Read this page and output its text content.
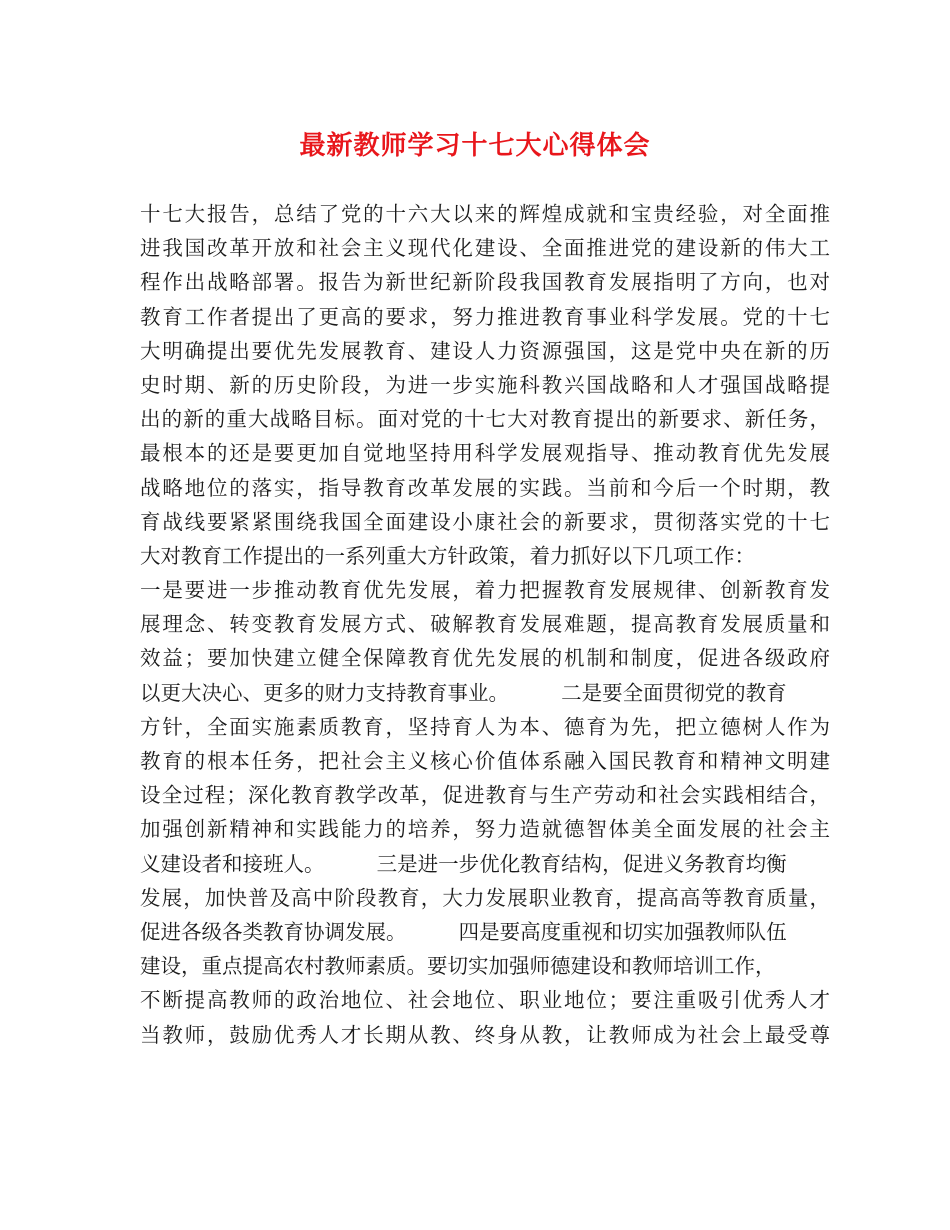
最新教师学习十七大心得体会
十七大报告，总结了党的十六大以来的辉煌成就和宝贵经验，对全面推
进我国改革开放和社会主义现代化建设、全面推进党的建设新的伟大工
程作出战略部署。报告为新世纪新阶段我国教育发展指明了方向，也对
教育工作者提出了更高的要求，努力推进教育事业科学发展。党的十七
大明确提出要优先发展教育、建设人力资源强国，这是党中央在新的历
史时期、新的历史阶段，为进一步实施科教兴国战略和人才强国战略提
出的新的重大战略目标。面对党的十七大对教育提出的新要求、新任务，
最根本的还是要更加自觉地坚持用科学发展观指导、推动教育优先发展
战略地位的落实，指导教育改革发展的实践。当前和今后一个时期，教
育战线要紧紧围绕我国全面建设小康社会的新要求，贯彻落实党的十七
大对教育工作提出的一系列重大方针政策，着力抓好以下几项工作：
一是要进一步推动教育优先发展，着力把握教育发展规律、创新教育发
展理念、转变教育发展方式、破解教育发展难题，提高教育发展质量和
效益；要加快建立健全保障教育优先发展的机制和制度，促进各级政府
以更大决心、更多的财力支持教育事业。        二是要全面贯彻党的教育
方针，全面实施素质教育，坚持育人为本、德育为先，把立德树人作为
教育的根本任务，把社会主义核心价值体系融入国民教育和精神文明建
设全过程；深化教育教学改革，促进教育与生产劳动和社会实践相结合，
加强创新精神和实践能力的培养，努力造就德智体美全面发展的社会主
义建设者和接班人。        三是进一步优化教育结构，促进义务教育均衡
发展，加快普及高中阶段教育，大力发展职业教育，提高高等教育质量，
促进各级各类教育协调发展。        四是要高度重视和切实加强教师队伍
建设，重点提高农村教师素质。要切实加强师德建设和教师培训工作，
不断提高教师的政治地位、社会地位、职业地位；要注重吸引优秀人才
当教师，鼓励优秀人才长期从教、终身从教，让教师成为社会上最受尊
